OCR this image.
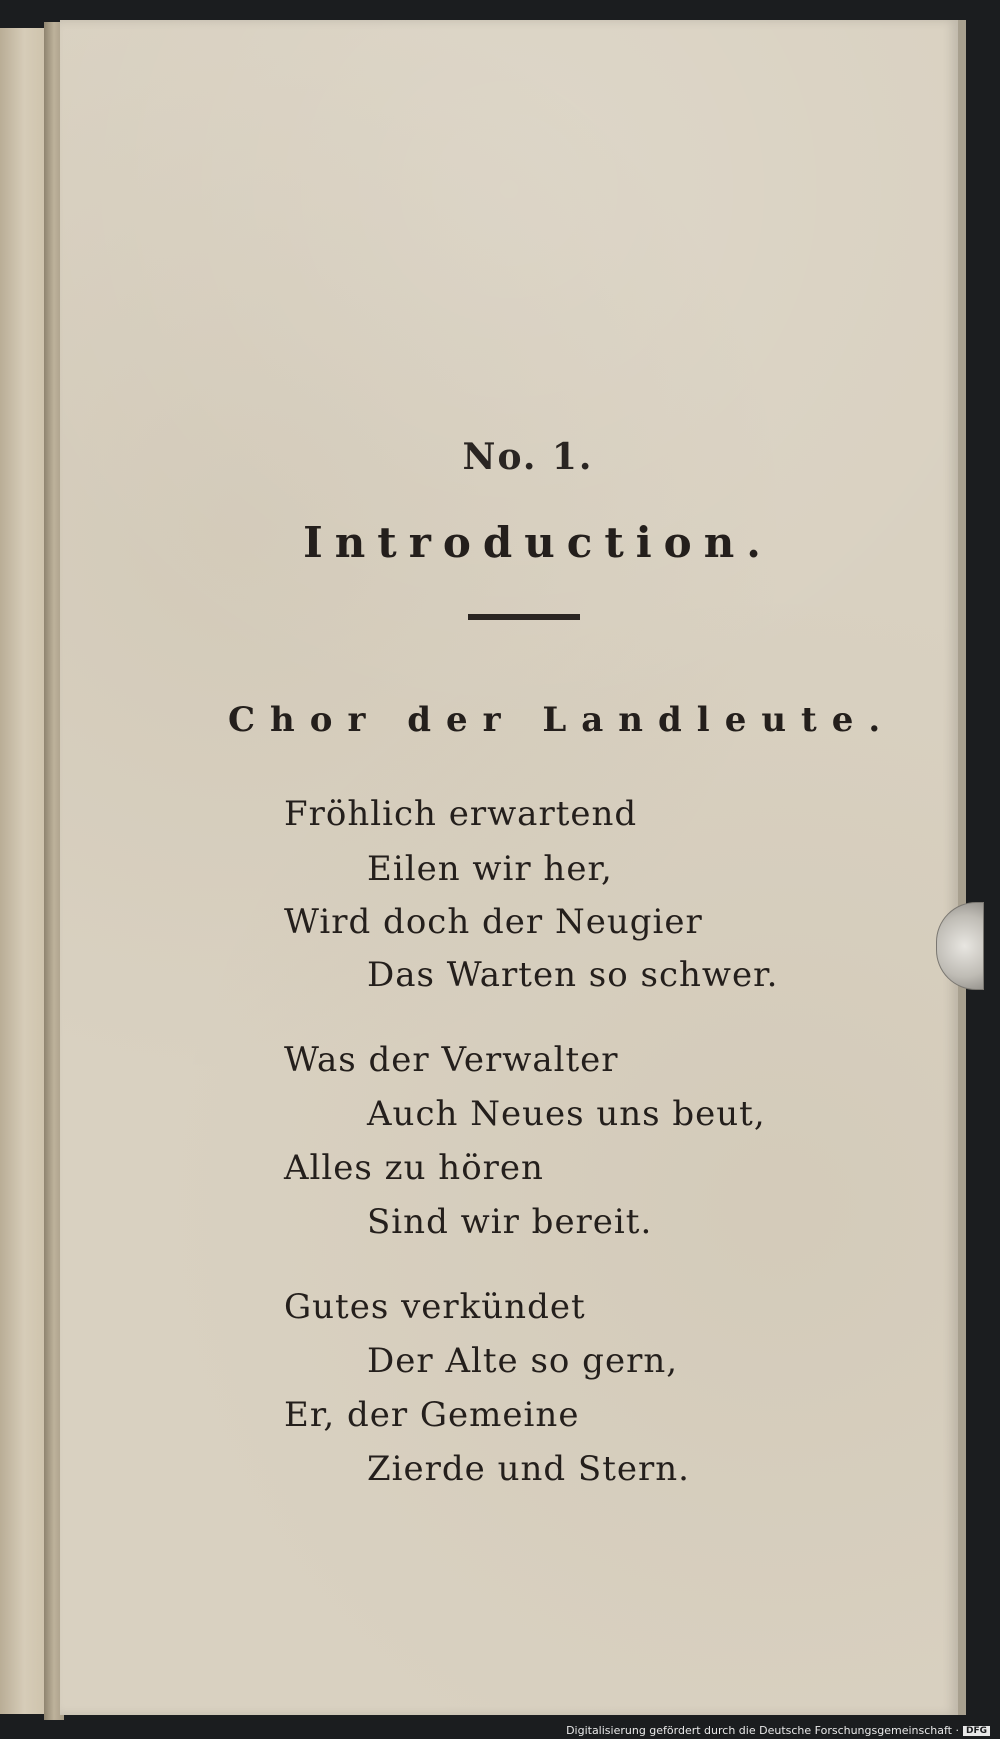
No. 1.
Introduction.
Chor der Landleute.
Fröhlich erwartend
Eilen wir her,
Wird doch der Neugier
Das Warten so schwer.
Was der Verwalter
Auch Neues uns beut,
Alles zu hören
Sind wir bereit.
Gutes verkündet
Der Alte so gern,
Er, der Gemeine
Zierde und Stern.
Digitalisierung gefördert durch die Deutsche Forschungsgemeinschaft · DFG
